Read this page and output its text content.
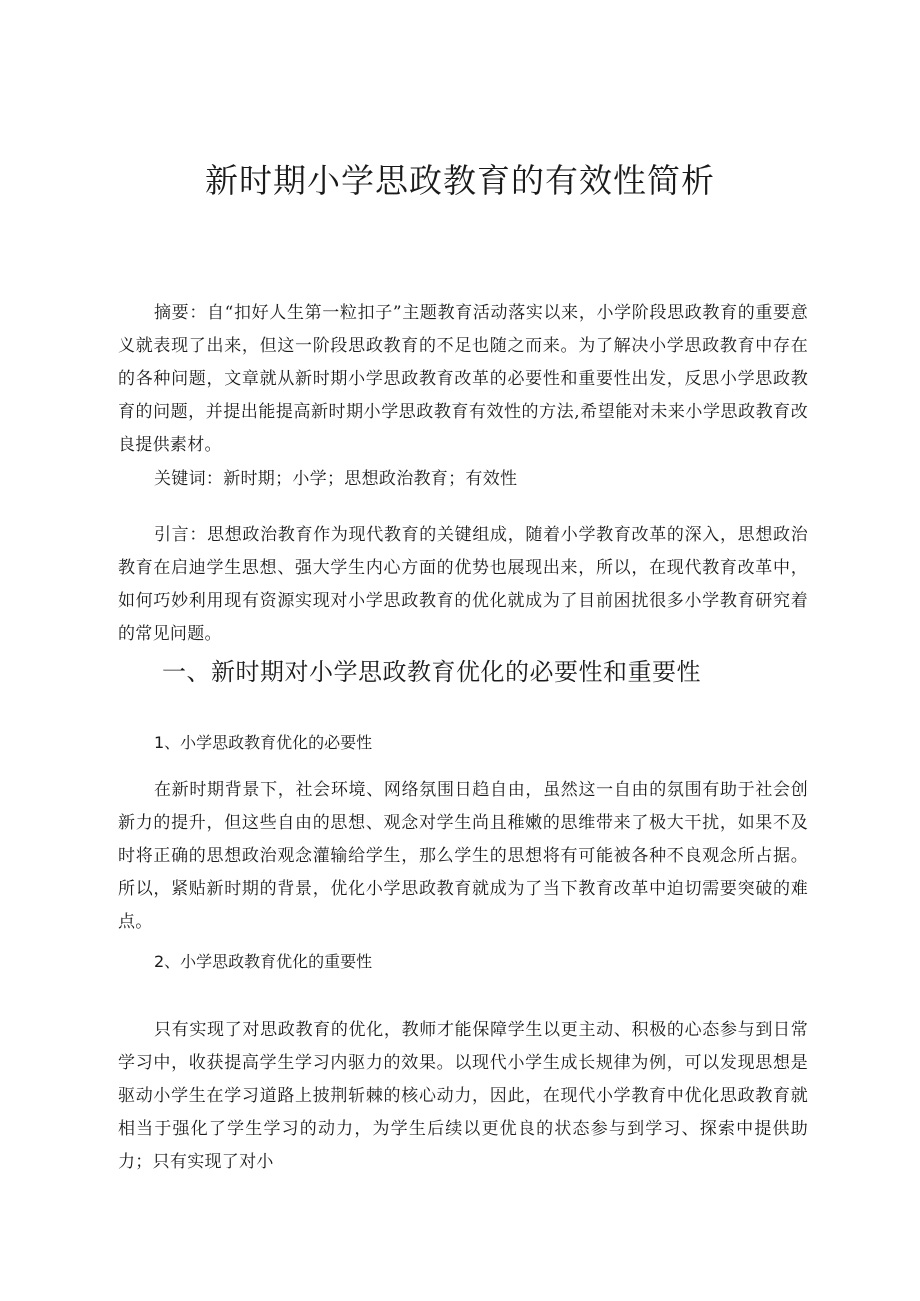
新时期小学思政教育的有效性简析

摘要：自“扣好人生第一粒扣子”主题教育活动落实以来，小学阶段思政教育的重要意义就表现了出来，但这一阶段思政教育的不足也随之而来。为了解决小学思政教育中存在的各种问题，文章就从新时期小学思政教育改革的必要性和重要性出发，反思小学思政教育的问题，并提出能提高新时期小学思政教育有效性的方法,希望能对未来小学思政教育改良提供素材。

关键词：新时期；小学；思想政治教育；有效性

引言：思想政治教育作为现代教育的关键组成，随着小学教育改革的深入，思想政治教育在启迪学生思想、强大学生内心方面的优势也展现出来，所以，在现代教育改革中，如何巧妙利用现有资源实现对小学思政教育的优化就成为了目前困扰很多小学教育研究着的常见问题。

一、新时期对小学思政教育优化的必要性和重要性
1、小学思政教育优化的必要性

在新时期背景下，社会环境、网络氛围日趋自由，虽然这一自由的氛围有助于社会创新力的提升，但这些自由的思想、观念对学生尚且稚嫩的思维带来了极大干扰，如果不及时将正确的思想政治观念灌输给学生，那么学生的思想将有可能被各种不良观念所占据。所以，紧贴新时期的背景，优化小学思政教育就成为了当下教育改革中迫切需要突破的难点。

2、小学思政教育优化的重要性

只有实现了对思政教育的优化，教师才能保障学生以更主动、积极的心态参与到日常学习中，收获提高学生学习内驱力的效果。以现代小学生成长规律为例，可以发现思想是驱动小学生在学习道路上披荆斩棘的核心动力，因此，在现代小学教育中优化思政教育就相当于强化了学生学习的动力，为学生后续以更优良的状态参与到学习、探索中提供助力；只有实现了对小
